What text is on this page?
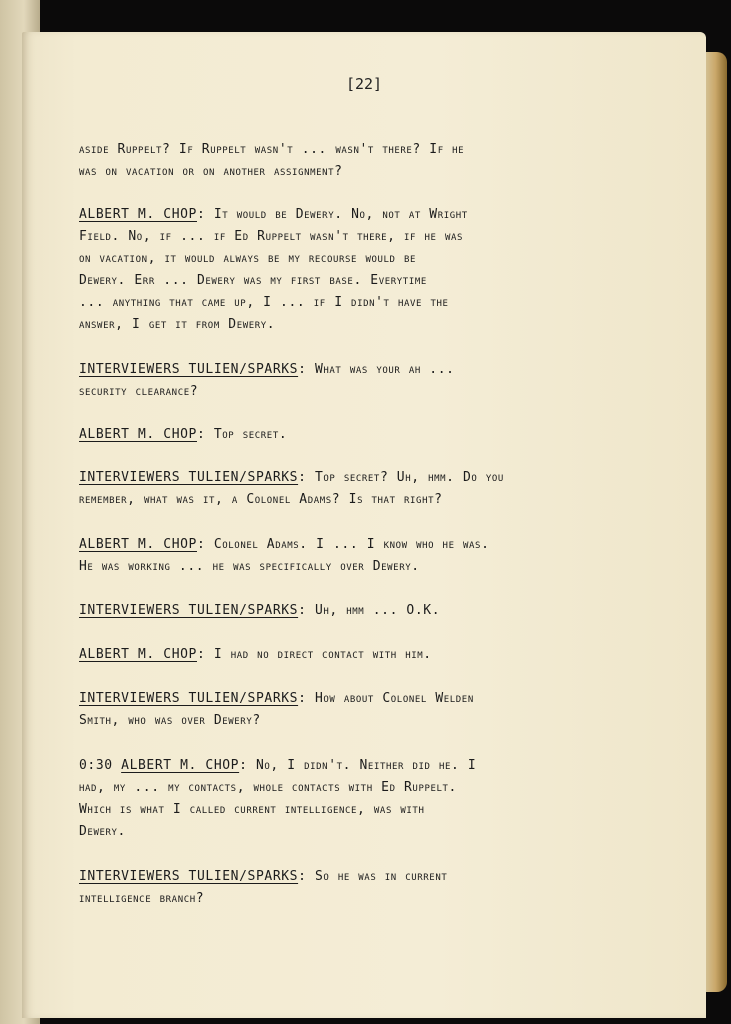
[22]

aside Ruppelt? If Ruppelt wasn't ... wasn't there? If he
was on vacation or on another assignment?

ALBERT M. CHOP: It would be Dewery. No, not at Wright
Field. No, if ... if Ed Ruppelt wasn't there, if he was
on vacation, it would always be my recourse would be
Dewery. Err ... Dewery was my first base. Everytime
... anything that came up, I ... if I didn't have the
answer, I get it from Dewery.

INTERVIEWERS TULIEN/SPARKS: What was your ah ...
security clearance?

ALBERT M. CHOP: Top secret.

INTERVIEWERS TULIEN/SPARKS: Top secret? Uh, hmm. Do you
remember, what was it, a Colonel Adams? Is that right?

ALBERT M. CHOP: Colonel Adams. I ... I know who he was.
He was working ... he was specifically over Dewery.

INTERVIEWERS TULIEN/SPARKS: Uh, hmm ... O.K.

ALBERT M. CHOP: I had no direct contact with him.

INTERVIEWERS TULIEN/SPARKS: How about Colonel Welden
Smith, who was over Dewery?

0:30 ALBERT M. CHOP: No, I didn't. Neither did he. I
had, my ... my contacts, whole contacts with Ed Ruppelt.
Which is what I called current intelligence, was with
Dewery.

INTERVIEWERS TULIEN/SPARKS: So he was in current
intelligence branch?
